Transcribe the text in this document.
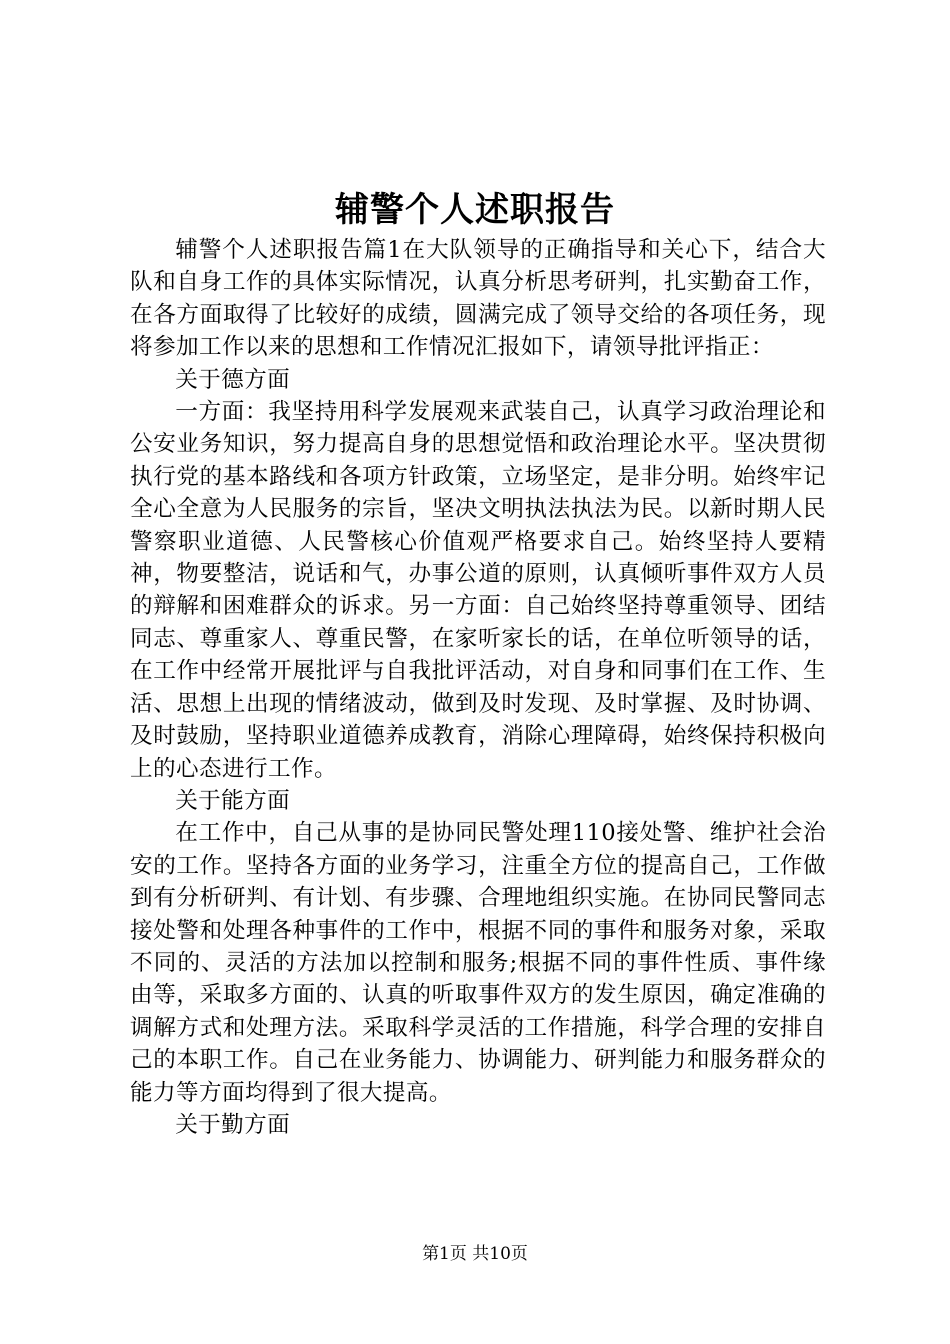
辅警个人述职报告

辅警个人述职报告篇1在大队领导的正确指导和关心下，结合大队和自身工作的具体实际情况，认真分析思考研判，扎实勤奋工作，在各方面取得了比较好的成绩，圆满完成了领导交给的各项任务，现将参加工作以来的思想和工作情况汇报如下，请领导批评指正：

关于德方面

一方面：我坚持用科学发展观来武装自己，认真学习政治理论和公安业务知识，努力提高自身的思想觉悟和政治理论水平。坚决贯彻执行党的基本路线和各项方针政策，立场坚定，是非分明。始终牢记全心全意为人民服务的宗旨，坚决文明执法执法为民。以新时期人民警察职业道德、人民警核心价值观严格要求自己。始终坚持人要精神，物要整洁，说话和气，办事公道的原则，认真倾听事件双方人员的辩解和困难群众的诉求。另一方面：自己始终坚持尊重领导、团结同志、尊重家人、尊重民警，在家听家长的话，在单位听领导的话，在工作中经常开展批评与自我批评活动，对自身和同事们在工作、生活、思想上出现的情绪波动，做到及时发现、及时掌握、及时协调、及时鼓励，坚持职业道德养成教育，消除心理障碍，始终保持积极向上的心态进行工作。

关于能方面

在工作中，自己从事的是协同民警处理110接处警、维护社会治安的工作。坚持各方面的业务学习，注重全方位的提高自己，工作做到有分析研判、有计划、有步骤、合理地组织实施。在协同民警同志接处警和处理各种事件的工作中，根据不同的事件和服务对象，采取不同的、灵活的方法加以控制和服务;根据不同的事件性质、事件缘由等，采取多方面的、认真的听取事件双方的发生原因，确定准确的调解方式和处理方法。采取科学灵活的工作措施，科学合理的安排自己的本职工作。自己在业务能力、协调能力、研判能力和服务群众的能力等方面均得到了很大提高。

关于勤方面

第1页 共10页
